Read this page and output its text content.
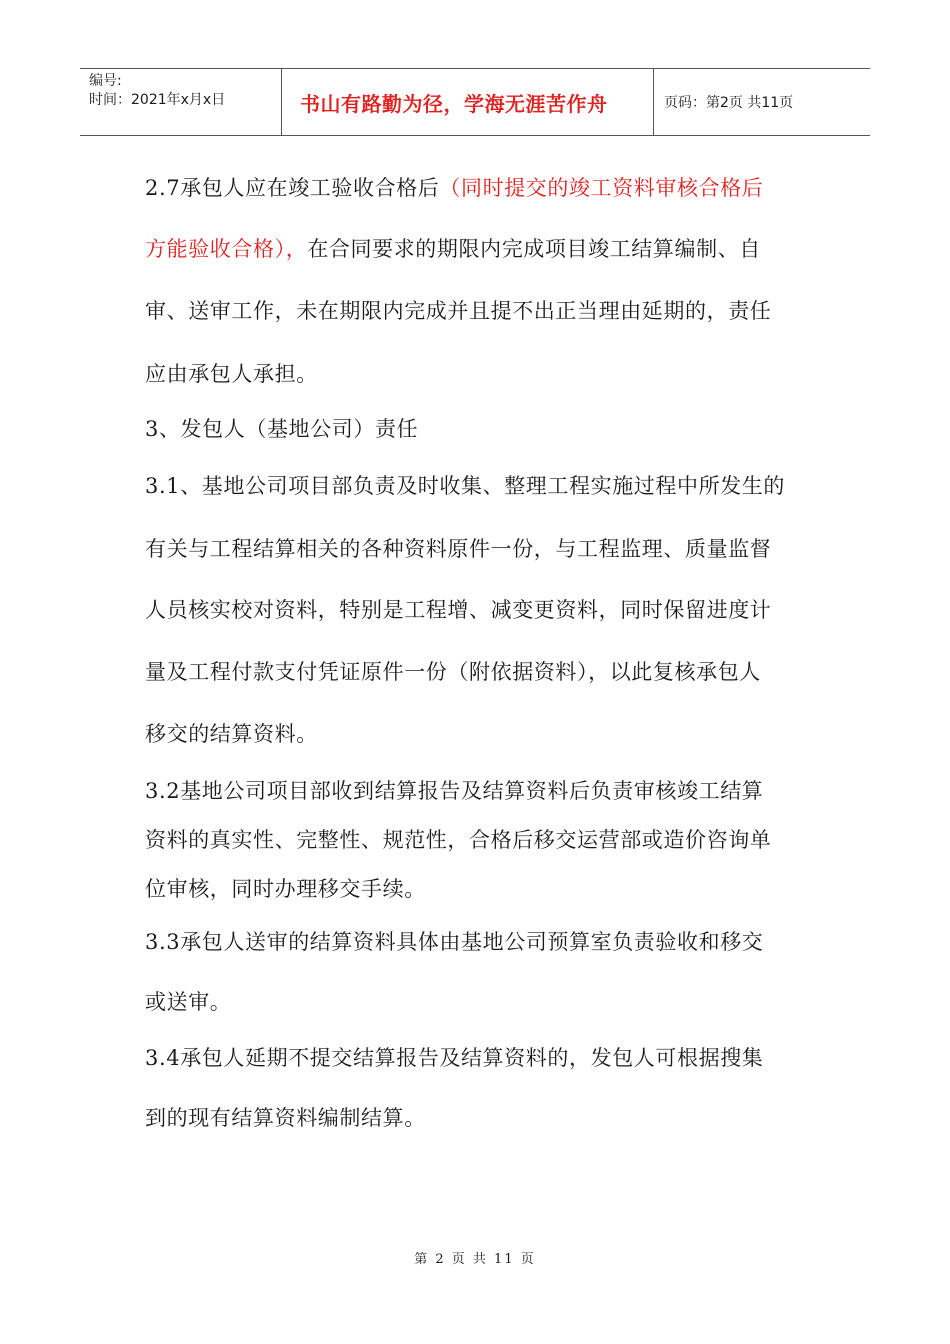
编号:
时间：2021年x月x日	书山有路勤为径，学海无涯苦作舟	页码：第2页 共11页
2.7承包人应在竣工验收合格后（同时提交的竣工资料审核合格后
方能验收合格），在合同要求的期限内完成项目竣工结算编制、自
审、送审工作，未在期限内完成并且提不出正当理由延期的，责任
应由承包人承担。
3、发包人（基地公司）责任
3.1、基地公司项目部负责及时收集、整理工程实施过程中所发生的
有关与工程结算相关的各种资料原件一份，与工程监理、质量监督
人员核实校对资料，特别是工程增、减变更资料，同时保留进度计
量及工程付款支付凭证原件一份（附依据资料），以此复核承包人
移交的结算资料。
3.2基地公司项目部收到结算报告及结算资料后负责审核竣工结算
资料的真实性、完整性、规范性，合格后移交运营部或造价咨询单
位审核，同时办理移交手续。
3.3承包人送审的结算资料具体由基地公司预算室负责验收和移交
或送审。
3.4承包人延期不提交结算报告及结算资料的，发包人可根据搜集
到的现有结算资料编制结算。
第 2 页 共 11 页
